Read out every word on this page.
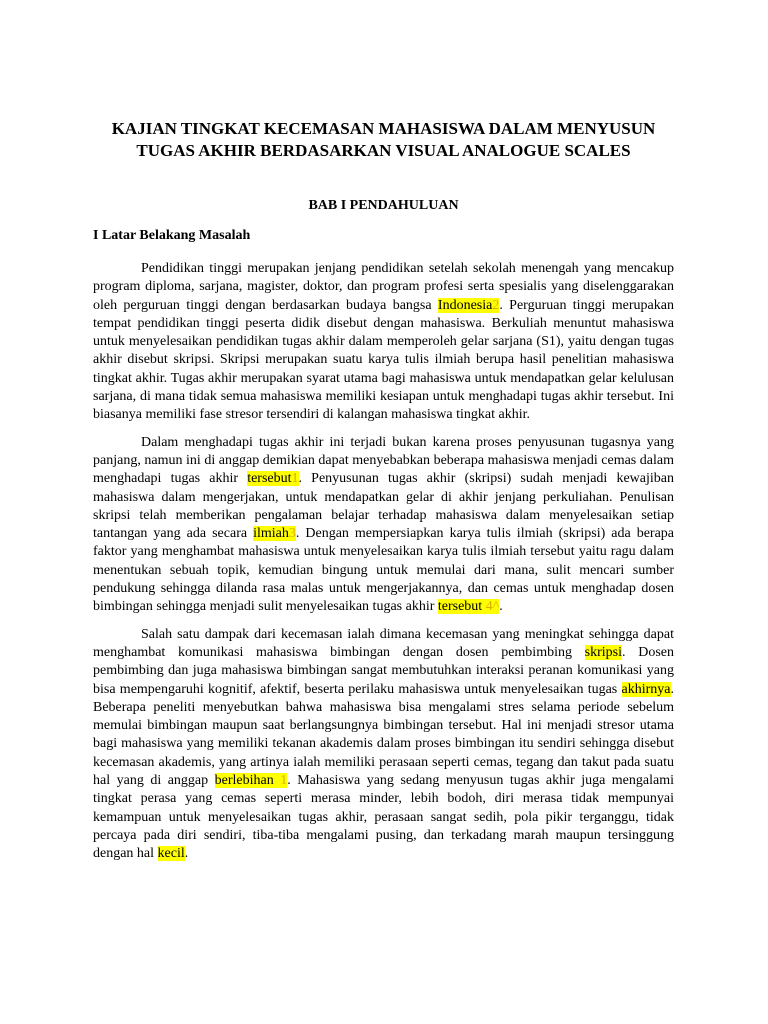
KAJIAN TINGKAT KECEMASAN MAHASISWA DALAM MENYUSUN TUGAS AKHIR BERDASARKAN VISUAL ANALOGUE SCALES
BAB I PENDAHULUAN
I Latar Belakang Masalah

Pendidikan tinggi merupakan jenjang pendidikan setelah sekolah menengah yang mencakup program diploma, sarjana, magister, doktor, dan program profesi serta spesialis yang diselenggarakan oleh perguruan tinggi dengan berdasarkan budaya bangsa Indonesia2. Perguruan tinggi merupakan tempat pendidikan tinggi peserta didik disebut dengan mahasiswa. Berkuliah menuntut mahasiswa untuk menyelesaikan pendidikan tugas akhir dalam memperoleh gelar sarjana (S1), yaitu dengan tugas akhir disebut skripsi. Skripsi merupakan suatu karya tulis ilmiah berupa hasil penelitian mahasiswa tingkat akhir. Tugas akhir merupakan syarat utama bagi mahasiswa untuk mendapatkan gelar kelulusan sarjana, di mana tidak semua mahasiswa memiliki kesiapan untuk menghadapi tugas akhir tersebut. Ini biasanya memiliki fase stresor tersendiri di kalangan mahasiswa tingkat akhir.

Dalam menghadapi tugas akhir ini terjadi bukan karena proses penyusunan tugasnya yang panjang, namun ini di anggap demikian dapat menyebabkan beberapa mahasiswa menjadi cemas dalam menghadapi tugas akhir tersebut1. Penyusunan tugas akhir (skripsi) sudah menjadi kewajiban mahasiswa dalam mengerjakan, untuk mendapatkan gelar di akhir jenjang perkuliahan. Penulisan skripsi telah memberikan pengalaman belajar terhadap mahasiswa dalam menyelesaikan setiap tantangan yang ada secara ilmiah3. Dengan mempersiapkan karya tulis ilmiah (skripsi) ada berapa faktor yang menghambat mahasiswa untuk menyelesaikan karya tulis ilmiah tersebut yaitu ragu dalam menentukan sebuah topik, kemudian bingung untuk memulai dari mana, sulit mencari sumber pendukung sehingga dilanda rasa malas untuk mengerjakannya, dan cemas untuk menghadap dosen bimbingan sehingga menjadi sulit menyelesaikan tugas akhir tersebut 4^.

Salah satu dampak dari kecemasan ialah dimana kecemasan yang meningkat sehingga dapat menghambat komunikasi mahasiswa bimbingan dengan dosen pembimbing skripsi. Dosen pembimbing dan juga mahasiswa bimbingan sangat membutuhkan interaksi peranan komunikasi yang bisa mempengaruhi kognitif, afektif, beserta perilaku mahasiswa untuk menyelesaikan tugas akhirnya. Beberapa peneliti menyebutkan bahwa mahasiswa bisa mengalami stres selama periode sebelum memulai bimbingan maupun saat berlangsungnya bimbingan tersebut. Hal ini menjadi stresor utama bagi mahasiswa yang memiliki tekanan akademis dalam proses bimbingan itu sendiri sehingga disebut kecemasan akademis, yang artinya ialah memiliki perasaan seperti cemas, tegang dan takut pada suatu hal yang di anggap berlebihan 1. Mahasiswa yang sedang menyusun tugas akhir juga mengalami tingkat perasa yang cemas seperti merasa minder, lebih bodoh, diri merasa tidak mempunyai kemampuan untuk menyelesaikan tugas akhir, perasaan sangat sedih, pola pikir terganggu, tidak percaya pada diri sendiri, tiba-tiba mengalami pusing, dan terkadang marah maupun tersinggung dengan hal kecil.
